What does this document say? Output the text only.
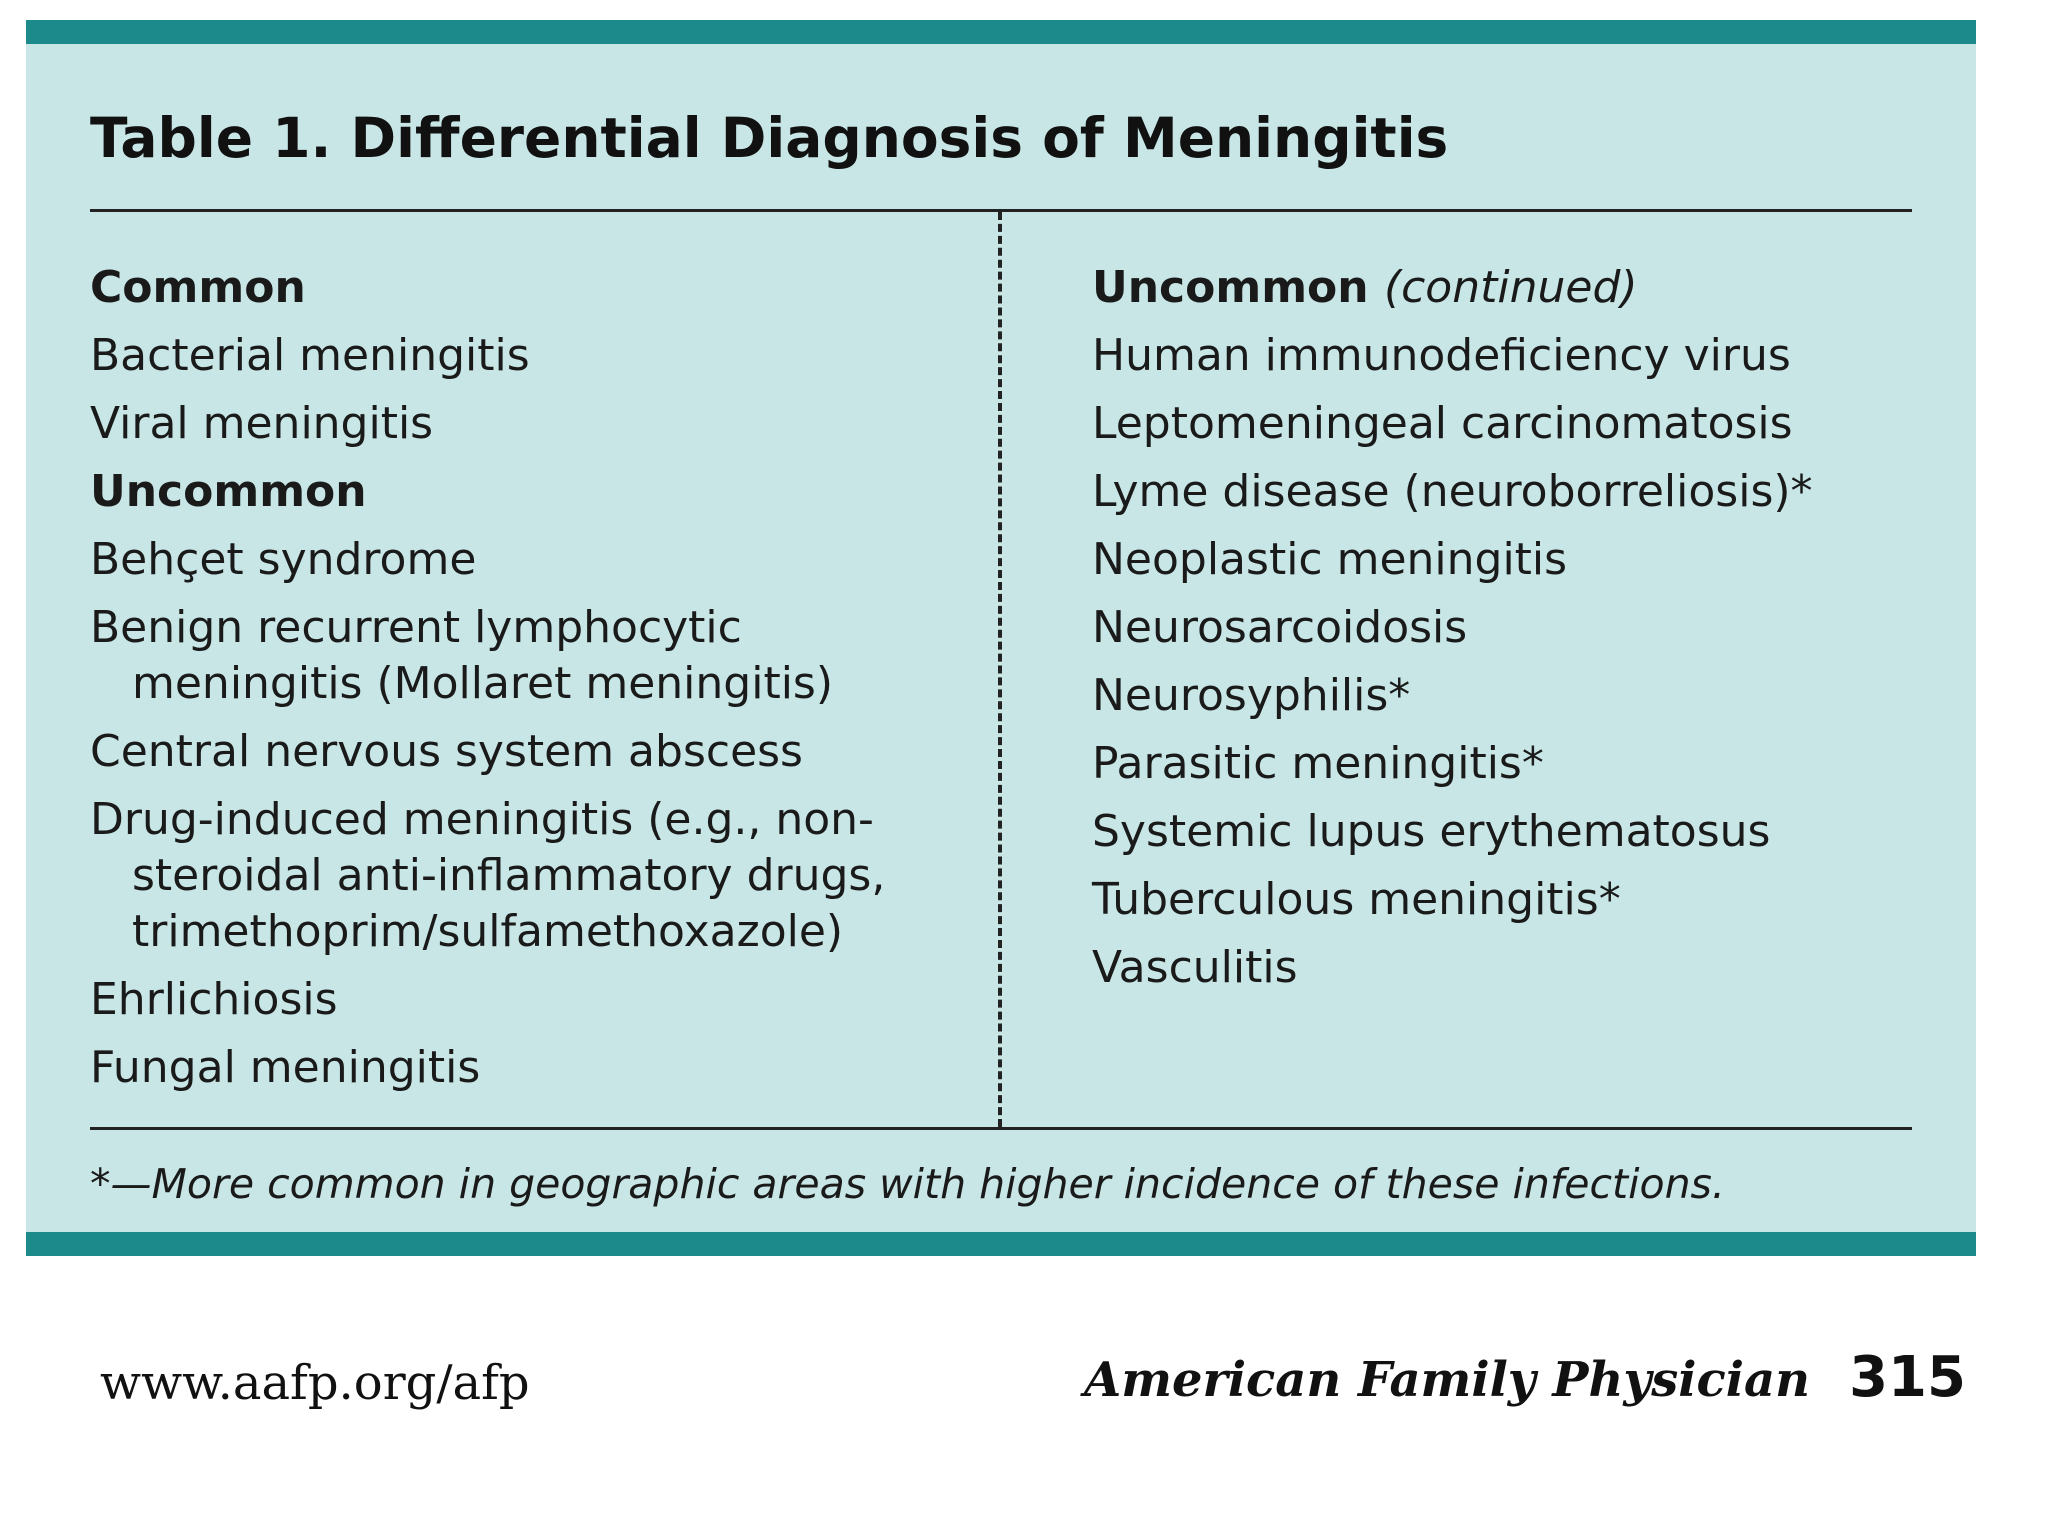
Table 1. Differential Diagnosis of Meningitis
Common
Bacterial meningitis
Viral meningitis
Uncommon
Behçet syndrome
Benign recurrent lymphocytic meningitis (Mollaret meningitis)
Central nervous system abscess
Drug-induced meningitis (e.g., non- steroidal anti-inflammatory drugs, trimethoprim/sulfamethoxazole)
Ehrlichiosis
Fungal meningitis
Uncommon (continued)
Human immunodeficiency virus
Leptomeningeal carcinomatosis
Lyme disease (neuroborreliosis)*
Neoplastic meningitis
Neurosarcoidosis
Neurosyphilis*
Parasitic meningitis*
Systemic lupus erythematosus
Tuberculous meningitis*
Vasculitis
*—More common in geographic areas with higher incidence of these infections.
www.aafp.org/afp	American Family Physician 315
